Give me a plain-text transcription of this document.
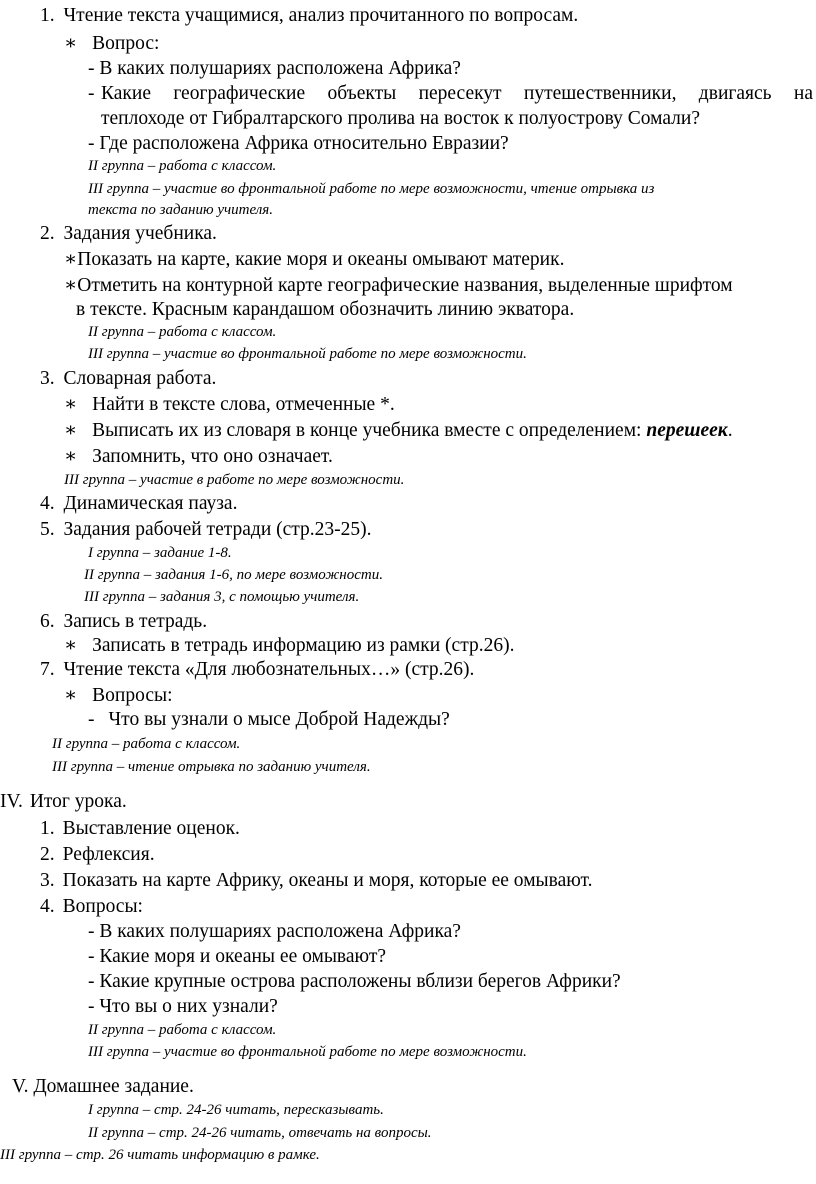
1. Чтение текста учащимися, анализ прочитанного по вопросам.
∗ Вопрос:
- В каких полушариях расположена Африка?
- Какие географические объекты пересекут путешественники, двигаясь на
теплоходе от Гибралтарского пролива на восток к полуострову Сомали?
- Где расположена Африка относительно Евразии?
II группа – работа с классом.
III группа – участие во фронтальной работе по мере возможности, чтение отрывка из
текста по заданию учителя.
2. Задания учебника.
∗Показать на карте, какие моря и океаны омывают материк.
∗Отметить на контурной карте географические названия, выделенные шрифтом
в тексте. Красным карандашом обозначить линию экватора.
II группа – работа с классом.
III группа – участие во фронтальной работе по мере возможности.
3. Словарная работа.
∗ Найти в тексте слова, отмеченные *.
∗ Выписать их из словаря в конце учебника вместе с определением: перешеек.
∗ Запомнить, что оно означает.
III группа – участие в работе по мере возможности.
4. Динамическая пауза.
5. Задания рабочей тетради (стр.23-25).
I группа – задание 1-8.
II группа – задания 1-6, по мере возможности.
III группа – задания 3, с помощью учителя.
6. Запись в тетрадь.
∗ Записать в тетрадь информацию из рамки (стр.26).
7. Чтение текста «Для любознательных…» (стр.26).
∗ Вопросы:
- Что вы узнали о мысе Доброй Надежды?
II группа – работа с классом.
III группа – чтение отрывка по заданию учителя.
IV. Итог урока.
1. Выставление оценок.
2. Рефлексия.
3. Показать на карте Африку, океаны и моря, которые ее омывают.
4. Вопросы:
- В каких полушариях расположена Африка?
- Какие моря и океаны ее омывают?
- Какие крупные острова расположены вблизи берегов Африки?
- Что вы о них узнали?
II группа – работа с классом.
III группа – участие во фронтальной работе по мере возможности.
V. Домашнее задание.
I группа – стр. 24-26 читать, пересказывать.
II группа – стр. 24-26 читать, отвечать на вопросы.
III группа – стр. 26 читать информацию в рамке.
